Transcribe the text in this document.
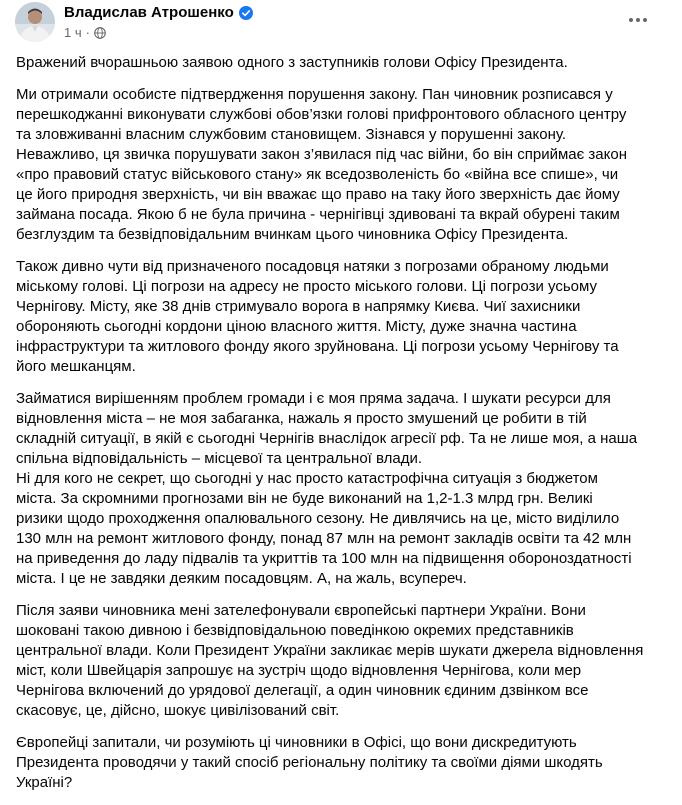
Владислав Атрошенко
1 ч ·

Вражений вчорашньою заявою одного з заступників голови Офісу Президента.

Ми отримали особисте підтвердження порушення закону. Пан чиновник розписався у
перешкоджанні виконувати службові обов’язки голові прифронтового обласного центру
та зловживанні власним службовим становищем. Зізнався у порушенні закону.
Неважливо, ця звичка порушувати закон з’явилася під час війни, бо він сприймає закон
«про правовий статус військового стану» як вседозволеність бо «війна все спише», чи
це його природня зверхність, чи він вважає що право на таку його зверхність дає йому
займана посада. Якою б не була причина - чернігівці здивовані та вкрай обурені таким
безглуздим та безвідповідальним вчинкам цього чиновника Офісу Президента.

Також дивно чути від призначеного посадовця натяки з погрозами обраному людьми
міському голові. Ці погрози на адресу не просто міського голови. Ці погрози усьому
Чернігову. Місту, яке 38 днів стримувало ворога в напрямку Києва. Чиї захисники
обороняють сьогодні кордони ціною власного життя. Місту, дуже значна частина
інфраструктури та житлового фонду якого зруйнована. Ці погрози усьому Чернігову та
його мешканцям.

Займатися вирішенням проблем громади і є моя пряма задача. І шукати ресурси для
відновлення міста – не моя забаганка, нажаль я просто змушений це робити в тій
складній ситуації, в якій є сьогодні Чернігів внаслідок агресії рф. Та не лише моя, а наша
спільна відповідальність – місцевої та центральної влади.
Ні для кого не секрет, що сьогодні у нас просто катастрофічна ситуація з бюджетом
міста. За скромними прогнозами він не буде виконаний на 1,2-1.3 млрд грн. Великі
ризики щодо проходження опалювального сезону. Не дивлячись на це, місто виділило
130 млн на ремонт житлового фонду, понад 87 млн на ремонт закладів освіти та 42 млн
на приведення до ладу підвалів та укриттів та 100 млн на підвищення обороноздатності
міста. І це не завдяки деяким посадовцям. А, на жаль, всупереч.

Після заяви чиновника мені зателефонували європейські партнери України. Вони
шоковані такою дивною і безвідповідальною поведінкою окремих представників
центральної влади. Коли Президент України закликає мерів шукати джерела відновлення
міст, коли Швейцарія запрошує на зустріч щодо відновлення Чернігова, коли мер
Чернігова включений до урядової делегації, а один чиновник єдиним дзвінком все
скасовує, це, дійсно, шокує цивілізований світ.

Європейці запитали, чи розуміють ці чиновники в Офісі, що вони дискредитують
Президента проводячи у такий спосіб регіональну політику та своїми діями шкодять
Україні?
